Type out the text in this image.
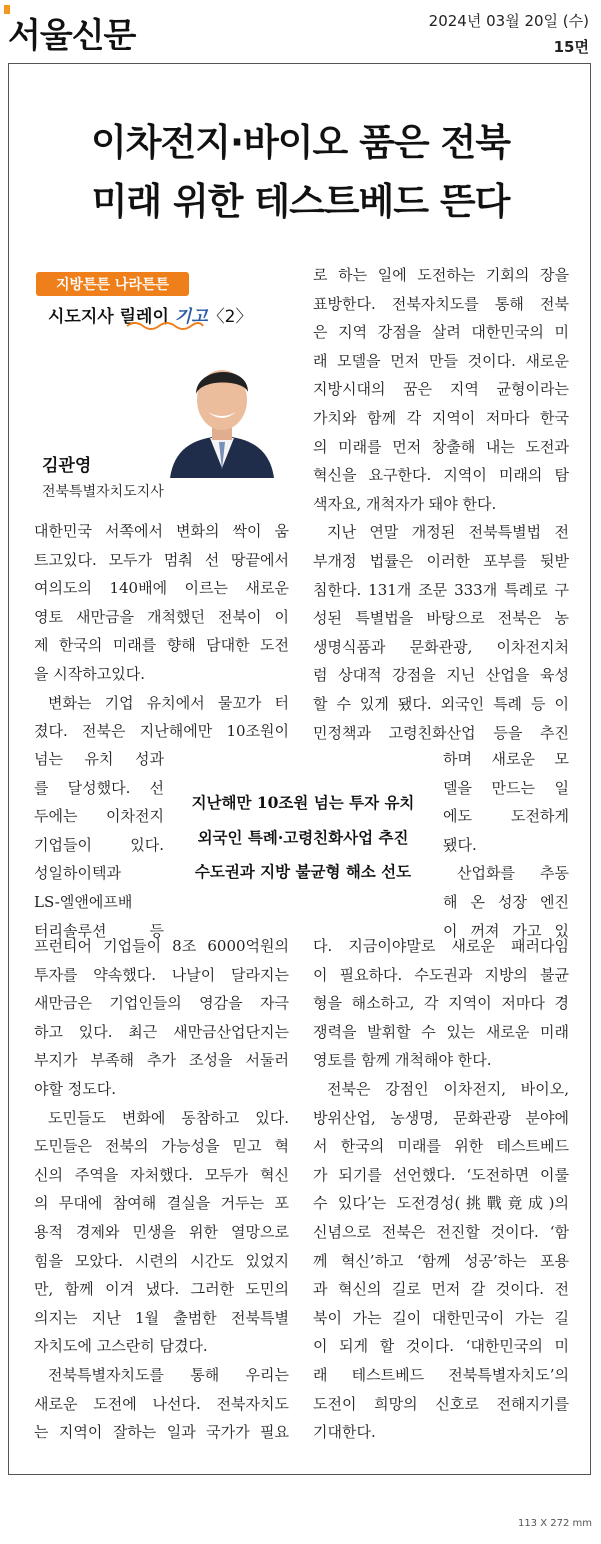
서울신문	2024년 03월 20일 (수)
15면
이차전지·바이오 품은 전북
미래 위한 테스트베드 뜬다
지방튼튼 나라튼튼
시도지사 릴레이 기고〈2〉
김관영
전북특별자치도지사

대한민국 서쪽에서 변화의 싹이 움

트고있다. 모두가 멈춰 선 땅끝에서

여의도의 140배에 이르는 새로운

영토 새만금을 개척했던 전북이 이

제 한국의 미래를 향해 담대한 도전

을 시작하고있다.

변화는 기업 유치에서 물꼬가 터

졌다. 전북은 지난해에만 10조원이

넘는 유치 성과

를 달성했다. 선

두에는 이차전지

기업들이 있다.

성일하이텍과

LS-엘앤에프배

터리솔루션 등

지난해만 10조원 넘는 투자 유치
외국인 특례·고령친화사업 추진
수도권과 지방 불균형 해소 선도

프런티어 기업들이 8조 6000억원의

투자를 약속했다. 나날이 달라지는

새만금은 기업인들의 영감을 자극

하고 있다. 최근 새만금산업단지는

부지가 부족해 추가 조성을 서둘러

야할 정도다.

도민들도 변화에 동참하고 있다.

도민들은 전북의 가능성을 믿고 혁

신의 주역을 자처했다. 모두가 혁신

의 무대에 참여해 결실을 거두는 포

용적 경제와 민생을 위한 열망으로

힘을 모았다. 시련의 시간도 있었지

만, 함께 이겨 냈다. 그러한 도민의

의지는 지난 1월 출범한 전북특별

자치도에 고스란히 담겼다.

전북특별자치도를 통해 우리는

새로운 도전에 나선다. 전북자치도

는 지역이 잘하는 일과 국가가 필요

로 하는 일에 도전하는 기회의 장을

표방한다. 전북자치도를 통해 전북

은 지역 강점을 살려 대한민국의 미

래 모델을 먼저 만들 것이다. 새로운

지방시대의 꿈은 지역 균형이라는

가치와 함께 각 지역이 저마다 한국

의 미래를 먼저 창출해 내는 도전과

혁신을 요구한다. 지역이 미래의 탐

색자요, 개척자가 돼야 한다.

지난 연말 개정된 전북특별법 전

부개정 법률은 이러한 포부를 뒷받

침한다. 131개 조문 333개 특례로 구

성된 특별법을 바탕으로 전북은 농

생명식품과 문화관광, 이차전지처

럼 상대적 강점을 지닌 산업을 육성

할 수 있게 됐다. 외국인 특례 등 이

민정책과 고령친화산업 등을 추진

하며 새로운 모

델을 만드는 일

에도 도전하게

됐다.

산업화를 추동

해 온 성장 엔진

이 꺼져 가고 있

다. 지금이야말로 새로운 패러다임

이 필요하다. 수도권과 지방의 불균

형을 해소하고, 각 지역이 저마다 경

쟁력을 발휘할 수 있는 새로운 미래

영토를 함께 개척해야 한다.

전북은 강점인 이차전지, 바이오,

방위산업, 농생명, 문화관광 분야에

서 한국의 미래를 위한 테스트베드

가 되기를 선언했다. ‘도전하면 이룰

수 있다’는 도전경성(挑戰竟成)의

신념으로 전북은 전진할 것이다. ‘함

께 혁신’하고 ‘함께 성공’하는 포용

과 혁신의 길로 먼저 갈 것이다. 전

북이 가는 길이 대한민국이 가는 길

이 되게 할 것이다. ‘대한민국의 미

래 테스트베드 전북특별자치도’의

도전이 희망의 신호로 전해지기를

기대한다.

113 X 272 mm
